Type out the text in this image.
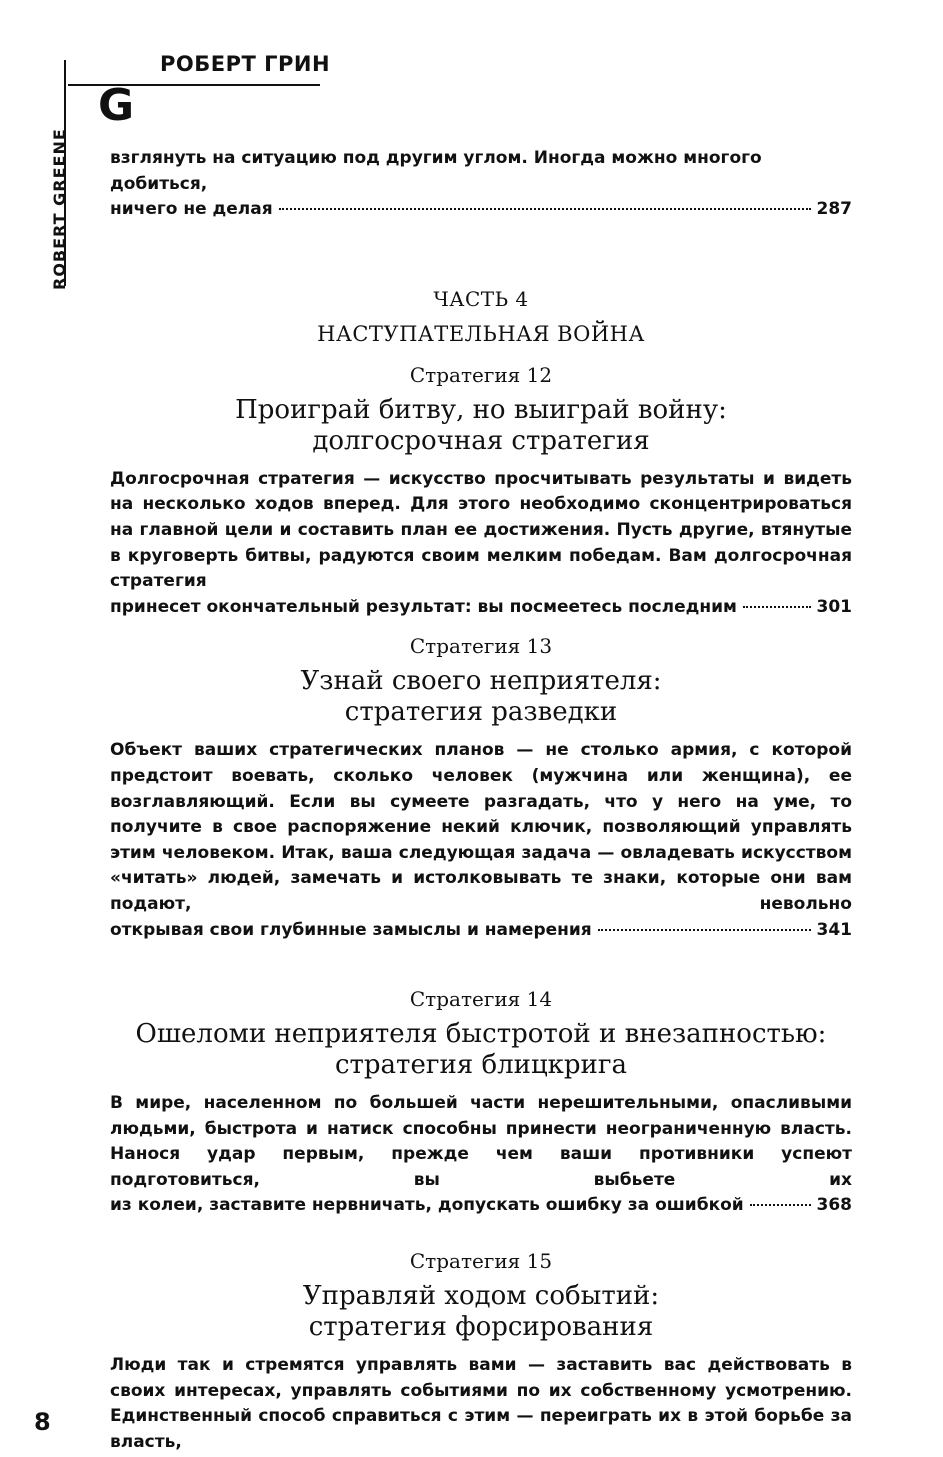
РОБЕРТ ГРИН
G
ROBERT GREENE взглянуть на ситуацию под другим углом. Иногда можно многого добиться,

ничего не делая	287

ЧАСТЬ 4

НАСТУПАТЕЛЬНАЯ ВОЙНА

Стратегия 12

Проиграй битву, но выиграй войну:

долгосрочная стратегия

Долгосрочная стратегия — искусство просчитывать результаты и видеть на несколько ходов вперед. Для этого необходимо сконцентрироваться на главной цели и составить план ее достижения. Пусть другие, втянутые в круговерть битвы, радуются своим мелким победам. Вам долгосрочная стратегия

принесет окончательный результат: вы посмеетесь последним	301

Стратегия 13

Узнай своего неприятеля:

стратегия разведки

Объект ваших стратегических планов — не столько армия, с которой предстоит воевать, сколько человек (мужчина или женщина), ее возглавляющий. Если вы сумеете разгадать, что у него на уме, то получите в свое распоряжение некий ключик, позволяющий управлять этим человеком. Итак, ваша следующая задача — овладевать искусством «читать» людей, замечать и истолковывать те знаки, которые они вам подают, невольно

открывая свои глубинные замыслы и намерения	341

Стратегия 14

Ошеломи неприятеля быстротой и внезапностью:

стратегия блицкрига

В мире, населенном по большей части нерешительными, опасливыми людьми, быстрота и натиск способны принести неограниченную власть. Нанося удар первым, прежде чем ваши противники успеют подготовиться, вы выбьете их

из колеи, заставите нервничать, допускать ошибку за ошибкой	368

Стратегия 15

Управляй ходом событий:

стратегия форсирования

Люди так и стремятся управлять вами — заставить вас действовать в своих интересах, управлять событиями по их собственному усмотрению. Единственный способ справиться с этим — переиграть их в этой борьбе за власть,

8
